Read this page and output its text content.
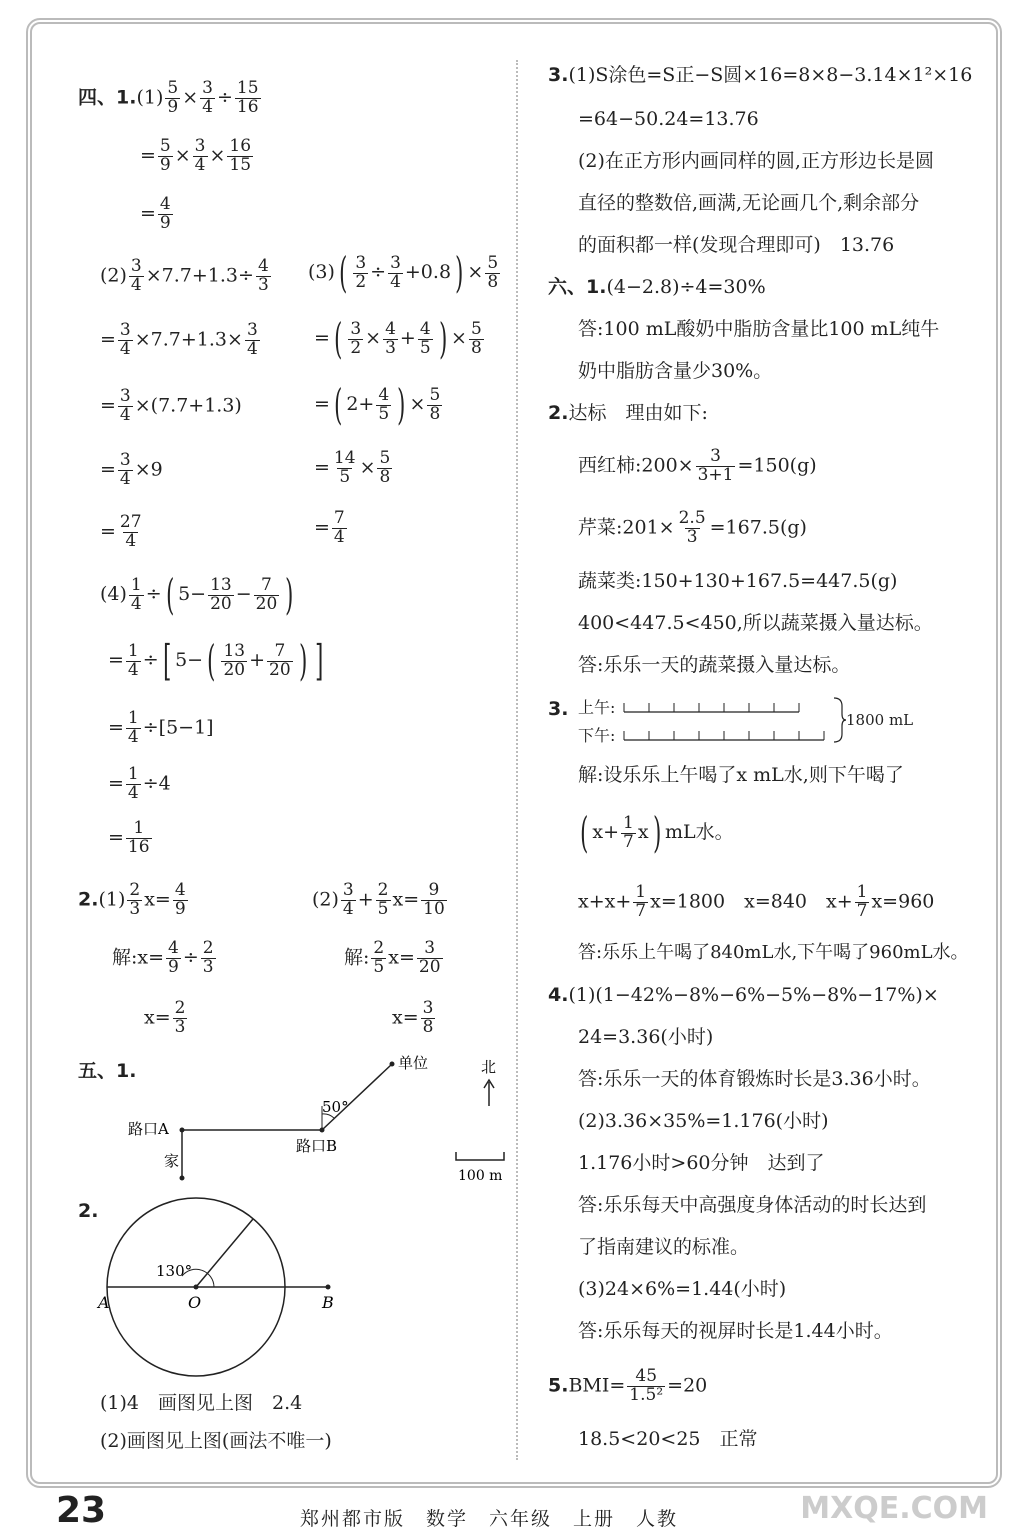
四、$1.(1) \frac{5}{9} \times \frac{3}{4} \div \frac{15}{16}$
= $\frac{5}{9} \times \frac{3}{4} \times \frac{16}{15}$
= $\frac{4}{9}$
$(2) \frac{3}{4} \times 7.7+1.3\div \frac{4}{3}$
= $\frac{3}{4} \times 7.7+1.3\times \frac{3}{4}$
= $\frac{3}{4} \times(7.7+1.3)$
= $\frac{3}{4} \times 9$
= $\frac{27}{4}$
$(3)( \frac{3}{2} \div \frac{3}{4} +0.8) \times \frac{5}{8}$
=( $\frac{3}{2} \times \frac{4}{3} + \frac{4}{5}$ ) × $\frac{5}{8}$
=( $2+ \frac{4}{5}$ ) × $\frac{5}{8}$
= $\frac{14}{5} \times \frac{5}{8}$
= $\frac{7}{4}$
$(4) \frac{1}{4}$ ÷( $5- \frac{13}{20} - \frac{7}{20}$ )
= $\frac{1}{4}$ ÷[ $5-( \frac{13}{20} + \frac{7}{20}$ ) ]
= $\frac{1}{4} \div[5-1]$
= $\frac{1}{4} \div 4$
= $\frac{1}{16}$
$2.(1) \frac{2}{3} x= \frac{4}{9}$
解:x= $\frac{4}{9} \div \frac{2}{3}$
$x= \frac{2}{3}$
$(2) \frac{3}{4} + \frac{2}{5} x= \frac{9}{10}$
解: $\frac{2}{5} x= \frac{3}{20}$
$x= \frac{3}{8}$
五、1.	单位
50°
路口A
路口B
家
北
100 m
2.
130°
A	O	B
(1)4　画图见上图　2.4
(2)画图见上图(画法不唯一)
3.(1)S涂色=S正−S圆×16=8×8−3.14×1²×16
=64−50.24=13.76
(2)在正方形内画同样的圆,正方形边长是圆
直径的整数倍,画满,无论画几个,剩余部分
的面积都一样(发现合理即可)　13.76
六、1.(4−2.8)÷4=30%
答:100 mL酸奶中脂肪含量比100 mL纯牛
奶中脂肪含量少30%。
2.达标　理由如下:
西红柿:200× $\frac{3}{3+1} =150(g)$
芹菜:201× $\frac{2.5}{3} =167.5(g)$
蔬菜类:150+130+167.5=447.5(g)
400<447.5<450,所以蔬菜摄入量达标。
答:乐乐一天的蔬菜摄入量达标。
3. 上午:
下午:
1800 mL
解:设乐乐上午喝了x mL水,则下午喝了
( $x+ \frac{1}{7} x$) mL水。
$x+x+ \frac{1}{7} x=1800$　x=840　$x+ \frac{1}{7} x=960$
答:乐乐上午喝了840mL水,下午喝了960mL水。
4.(1)(1−42%−8%−6%−5%−8%−17%)×
24=3.36(小时)
答:乐乐一天的体育锻炼时长是3.36小时。
(2)3.36×35%=1.176(小时)
1.176小时>60分钟　达到了
答:乐乐每天中高强度身体活动的时长达到
了指南建议的标准。
(3)24×6%=1.44(小时)
答:乐乐每天的视屏时长是1.44小时。
$5.BMI= \frac{45}{\text{1.5²}} =20$
18.5<20<25　正常
23	郑州都市版　数学　六年级　上册　人教	MXQE.COM
